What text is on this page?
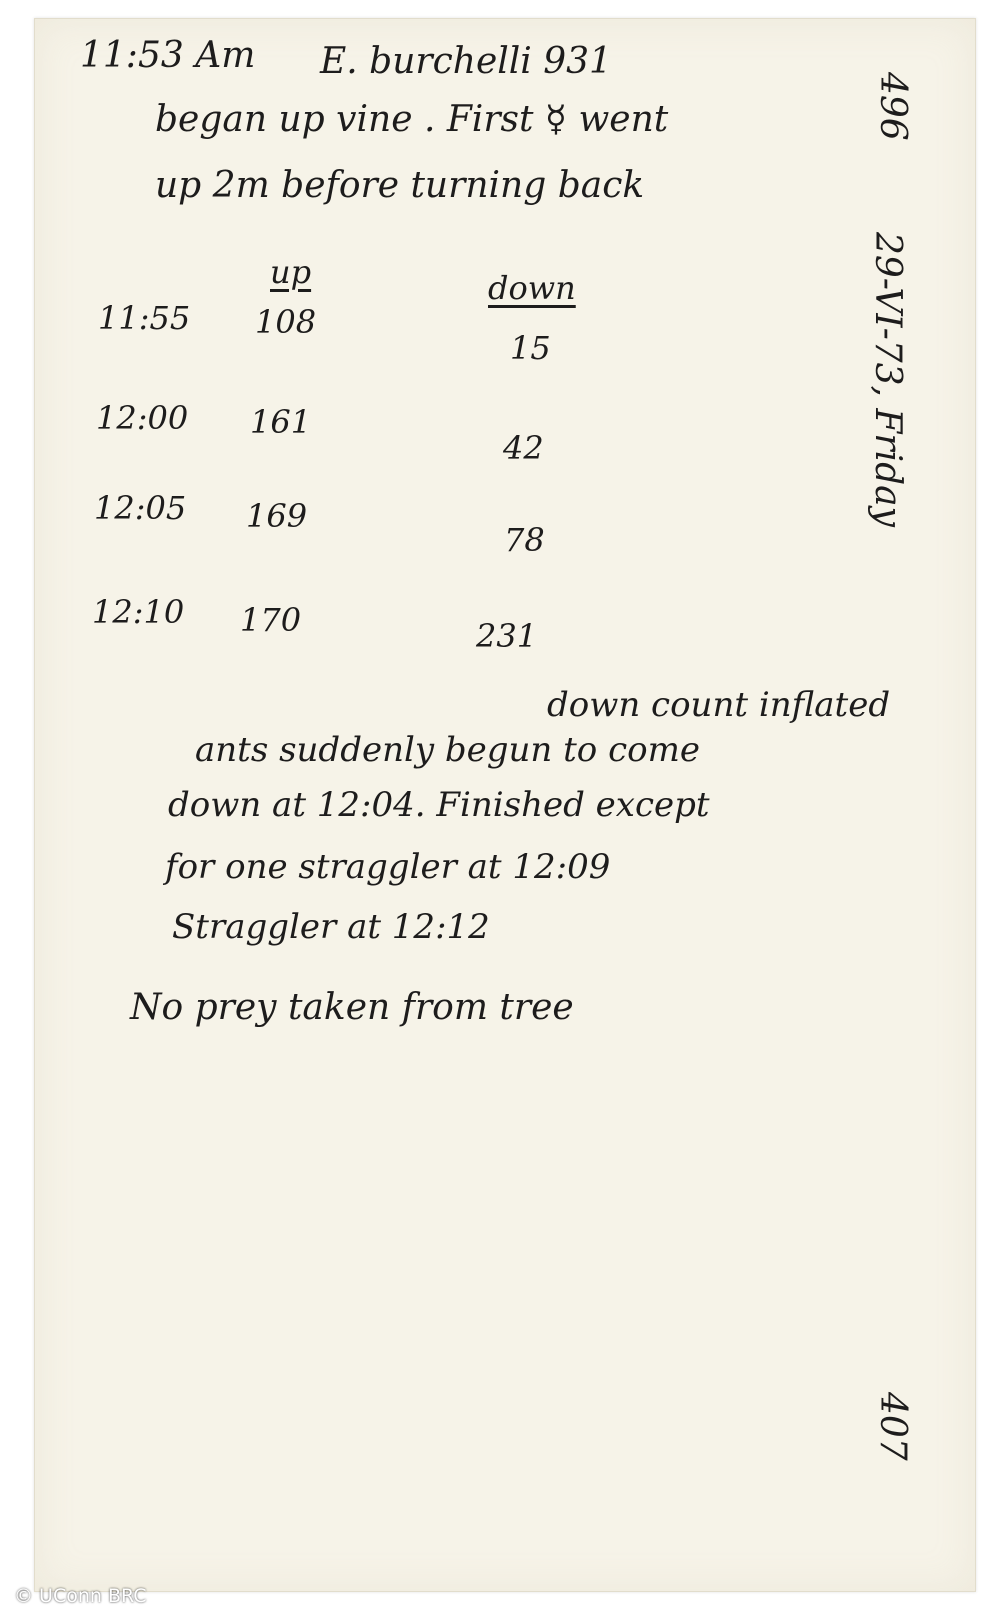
11:53 Am E. burchelli 931
began up vine . First ☿ went
up 2m before turning back
up	down
11:55 108
15
12:00 161
42
12:05 169
78
12:10 170	231
down count inflated
ants suddenly begun to come
down at 12:04. Finished except
for one straggler at 12:09
Straggler at 12:12
No prey taken from tree
496
29-VI-73, Friday
407
© UConn BRC
